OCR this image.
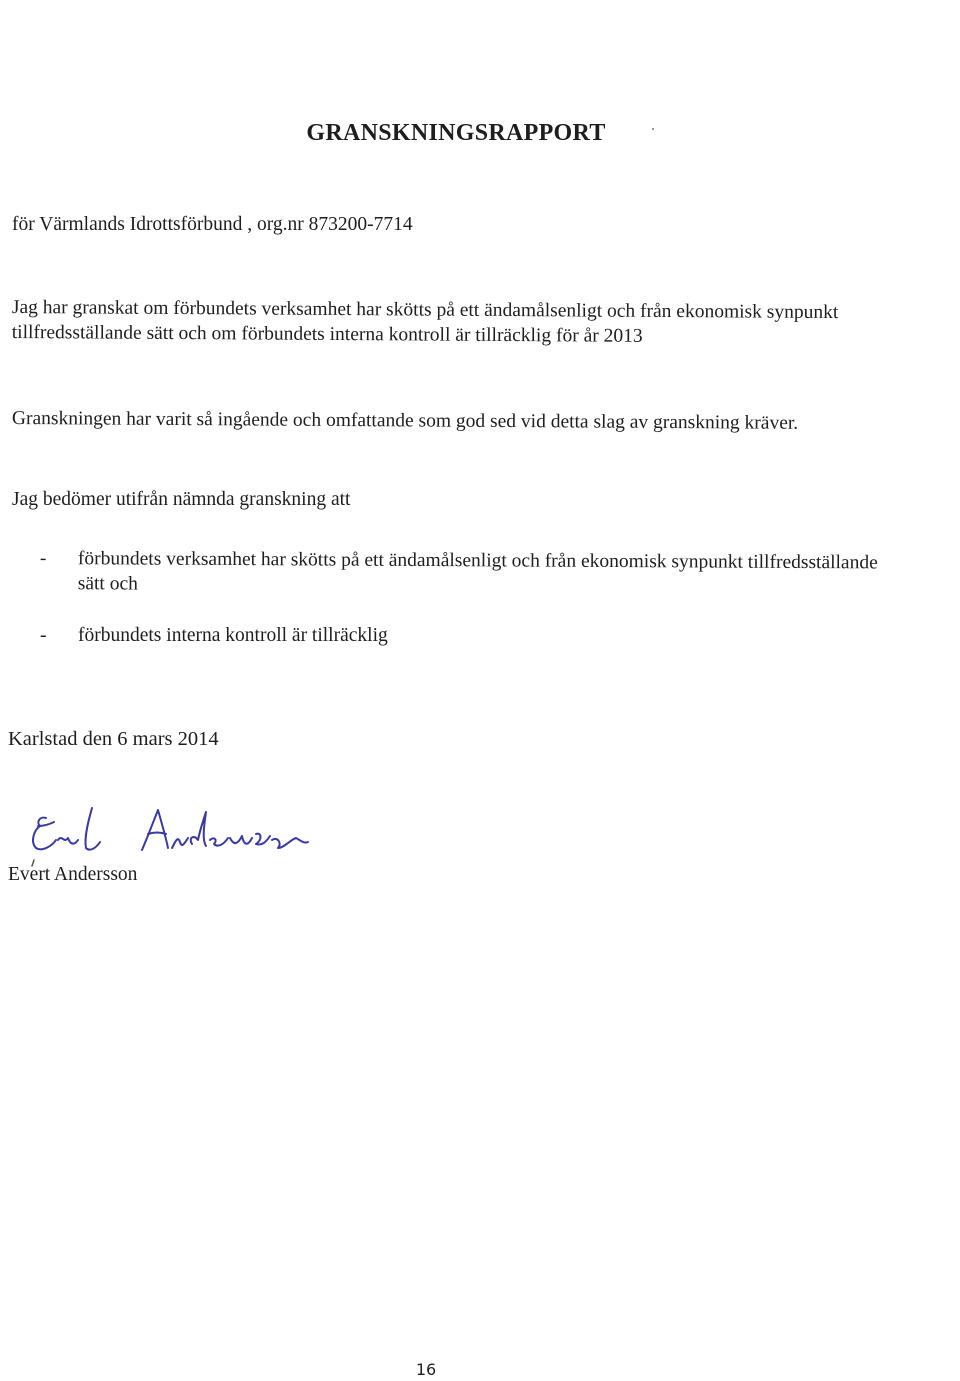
GRANSKNINGSRAPPORT
för Värmlands Idrottsförbund , org.nr 873200-7714
Jag har granskat om förbundets verksamhet har skötts på ett ändamålsenligt och från ekonomisk synpunkt tillfredsställande sätt och om förbundets interna kontroll är tillräcklig för år 2013
Granskningen har varit så ingående och omfattande som god sed vid detta slag av granskning kräver.
Jag bedömer utifrån nämnda granskning att
- förbundets verksamhet har skötts på ett ändamålsenligt och från ekonomisk synpunkt tillfredsställande sätt och
- förbundets interna kontroll är tillräcklig
Karlstad den 6 mars 2014
Evert Andersson
16
